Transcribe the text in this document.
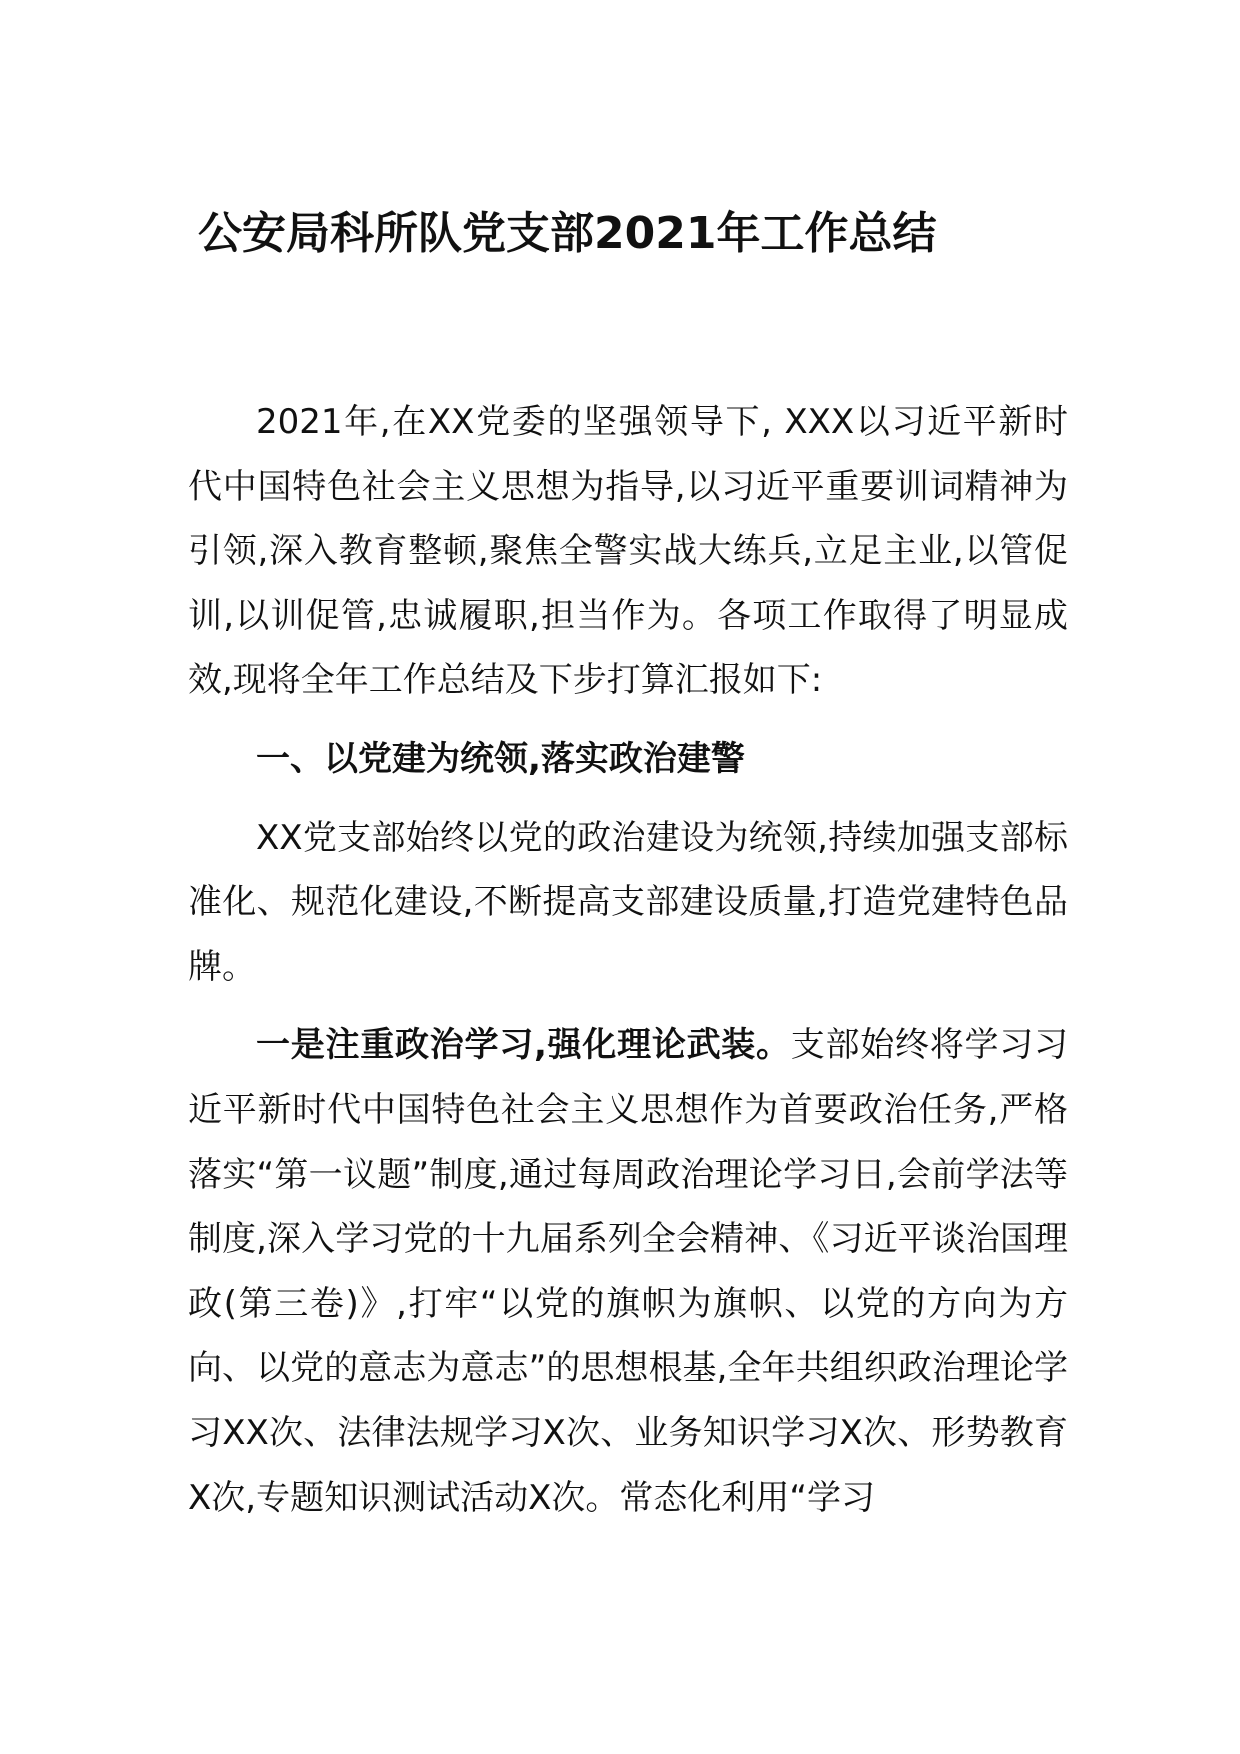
公安局科所队党支部2021年工作总结

2021年,在XX党委的坚强领导下, XXX以习近平新时代中国特色社会主义思想为指导,以习近平重要训词精神为引领,深入教育整顿,聚焦全警实战大练兵,立足主业,以管促训,以训促管,忠诚履职,担当作为。各项工作取得了明显成效,现将全年工作总结及下步打算汇报如下:

一、以党建为统领,落实政治建警

XX党支部始终以党的政治建设为统领,持续加强支部标准化、规范化建设,不断提高支部建设质量,打造党建特色品牌。

一是注重政治学习,强化理论武装。支部始终将学习习近平新时代中国特色社会主义思想作为首要政治任务,严格落实“第一议题”制度,通过每周政治理论学习日,会前学法等制度,深入学习党的十九届系列全会精神、《习近平谈治国理政(第三卷)》,打牢“以党的旗帜为旗帜、以党的方向为方向、以党的意志为意志”的思想根基,全年共组织政治理论学习XX次、法律法规学习X次、业务知识学习X次、形势教育X次,专题知识测试活动X次。常态化利用“学习
